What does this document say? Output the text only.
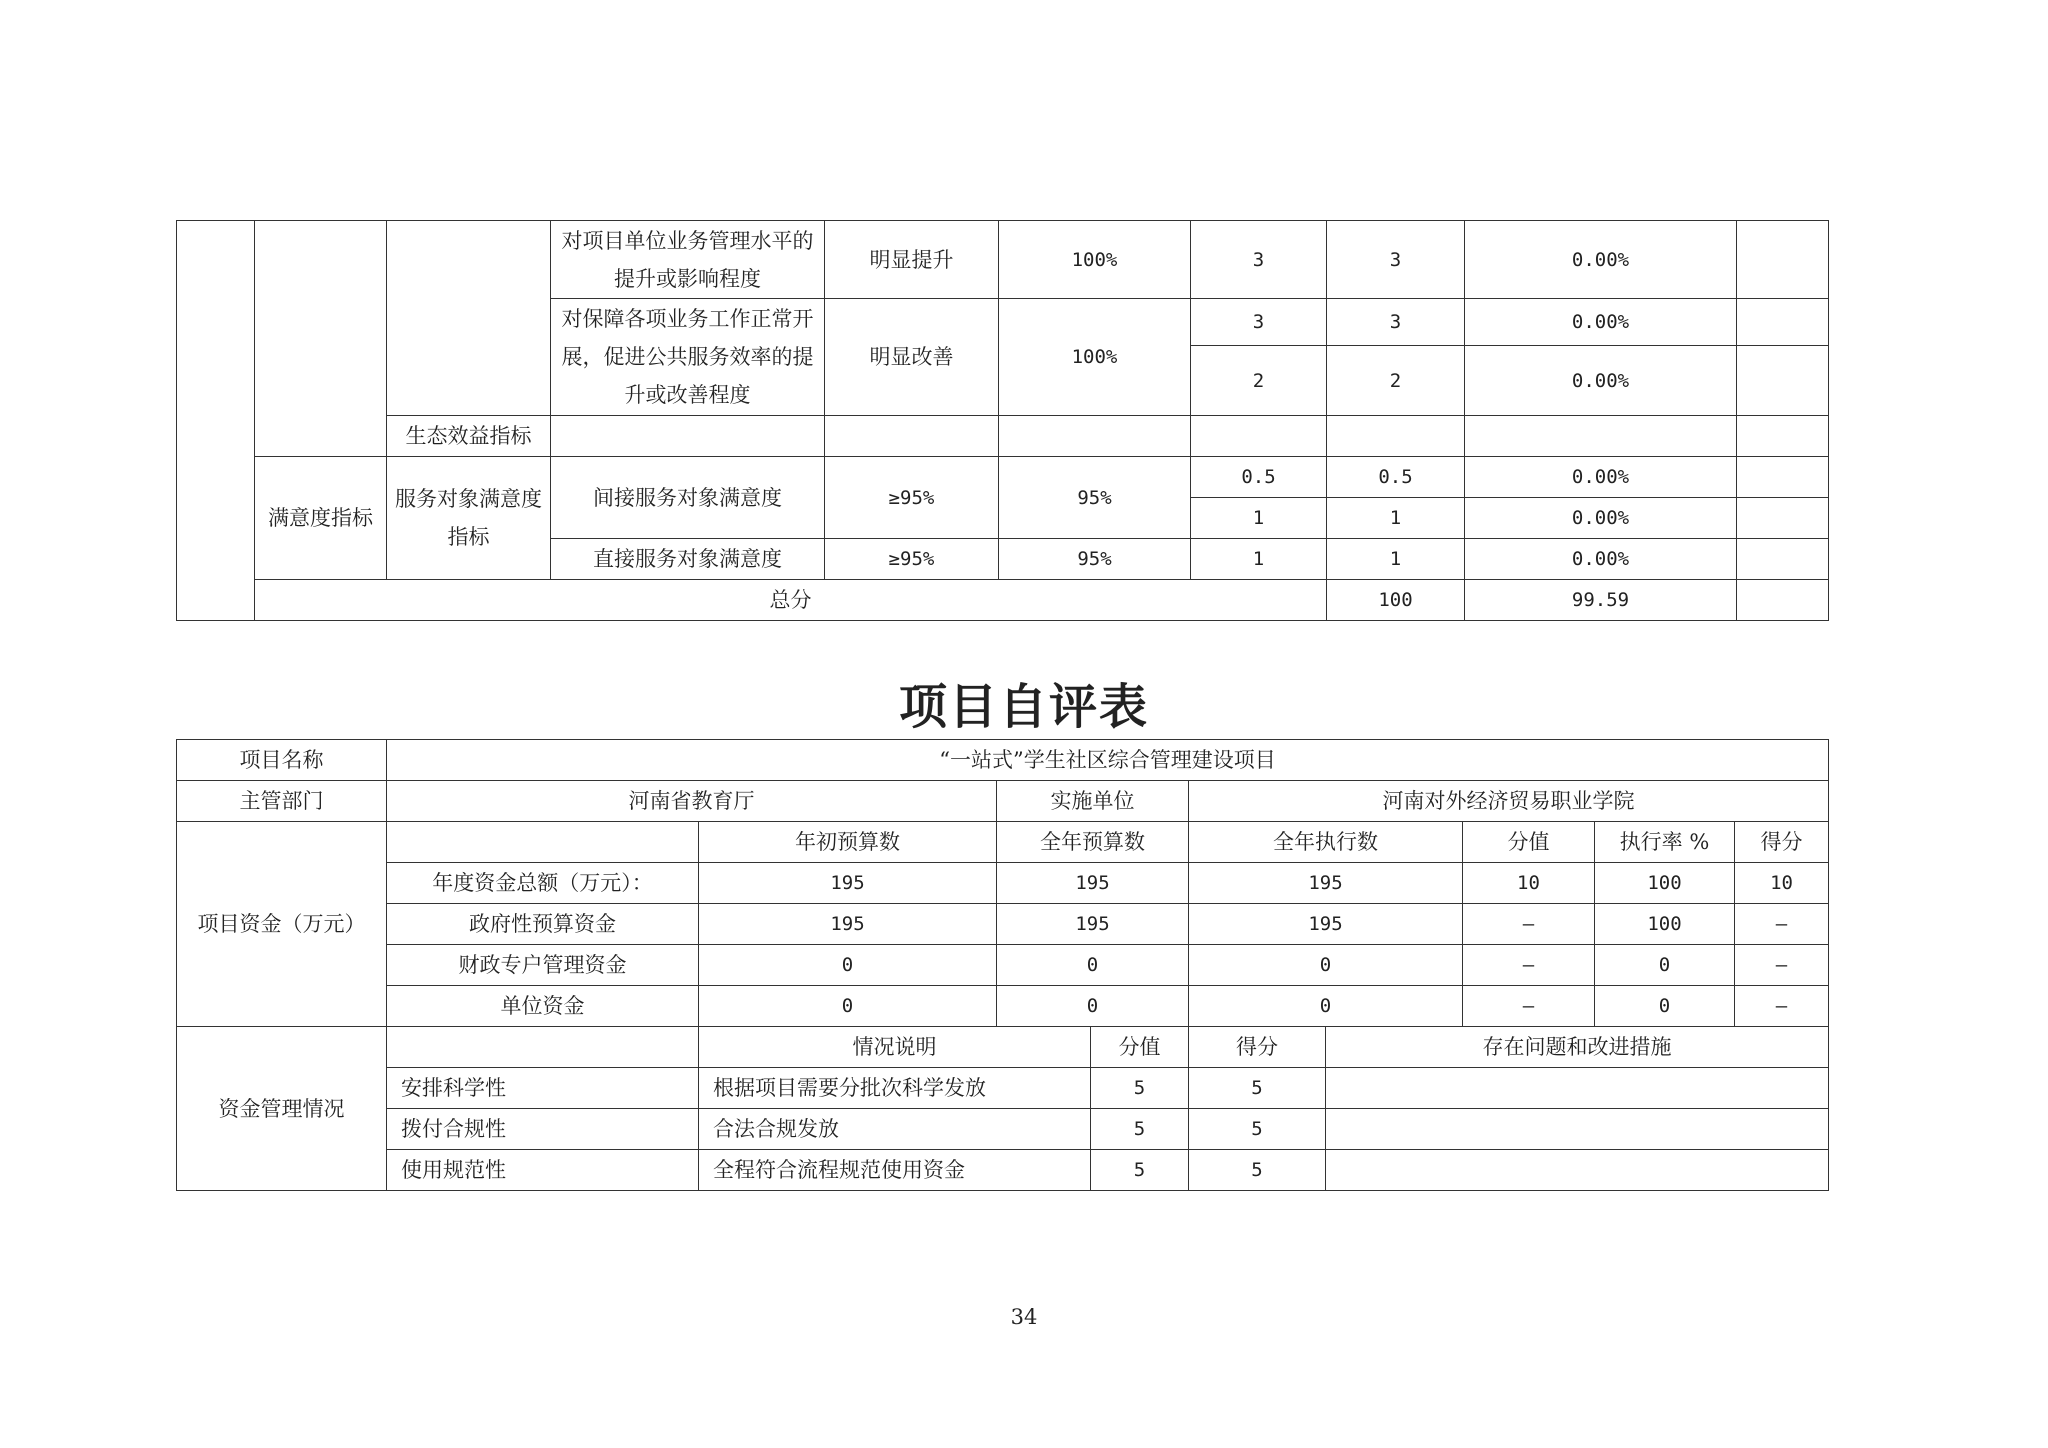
			对项目单位业务管理水平的提升或影响程度	明显提升	100%	3	3	0.00%		
			对保障各项业务工作正常开展，促进公共服务效率的提升或改善程度	明显改善	100%	3	3	0.00%		
						2	2	0.00%		
		生态效益指标								
	满意度指标	服务对象满意度指标	间接服务对象满意度	≥95%	95%	0.5	0.5	0.00%		
						1	1	0.00%		
			直接服务对象满意度	≥95%	95%	1	1	0.00%		
	总分						100	99.59		
项目自评表
项目名称	“一站式”学生社区综合管理建设项目						
主管部门	河南省教育厅		实施单位	河南对外经济贸易职业学院			
项目资金（万元）		年初预算数	全年预算数	全年执行数	分值	执行率 %	得分
	年度资金总额（万元）：	195	195	195	10	100	10
	政府性预算资金	195	195	195	–	100	–
	财政专户管理资金	0	0	0	–	0	–
	单位资金	0	0	0	–	0	–
资金管理情况		情况说明	分值	得分	存在问题和改进措施
	安排科学性	根据项目需要分批次科学发放	5	5	
	拨付合规性	合法合规发放	5	5	
	使用规范性	全程符合流程规范使用资金	5	5	
34
